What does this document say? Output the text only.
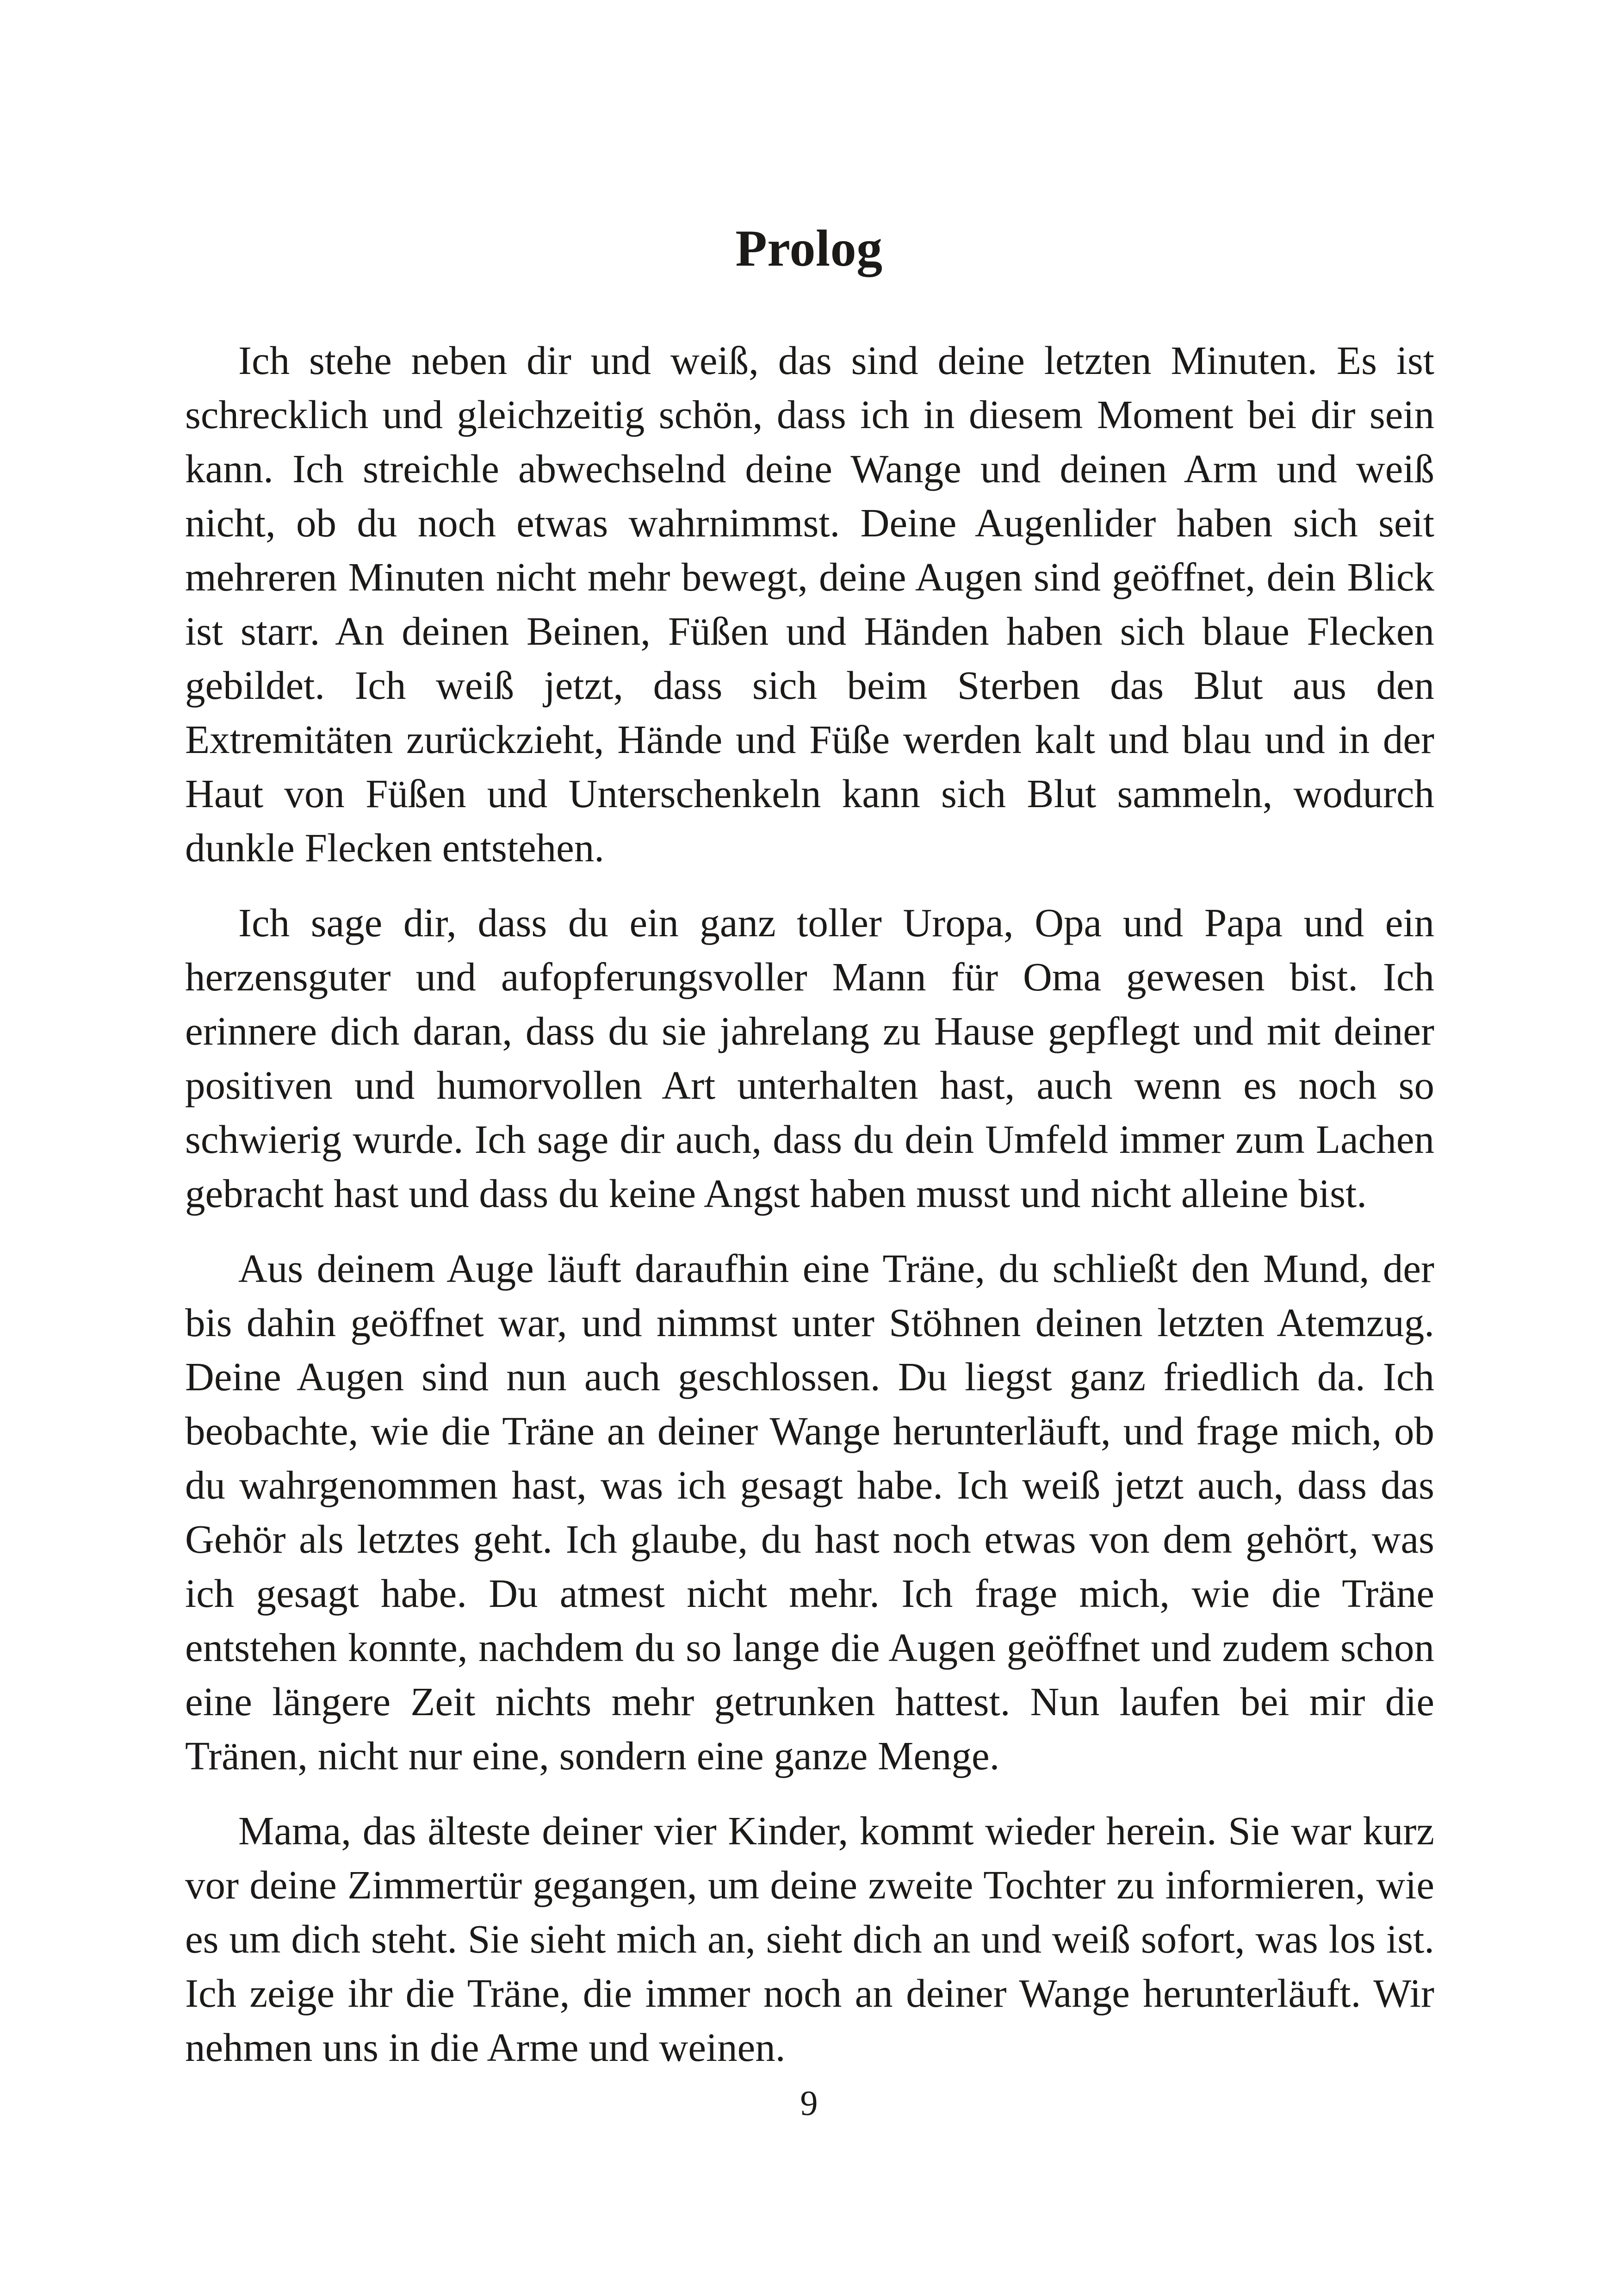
Prolog

Ich stehe neben dir und weiß, das sind deine letzten Minuten. Es ist schrecklich und gleichzeitig schön, dass ich in diesem Moment bei dir sein kann. Ich streichle abwechselnd deine Wange und deinen Arm und weiß nicht, ob du noch etwas wahrnimmst. Deine Augenlider haben sich seit mehreren Minuten nicht mehr bewegt, deine Augen sind geöffnet, dein Blick ist starr. An deinen Beinen, Füßen und Händen haben sich blaue Flecken gebildet. Ich weiß jetzt, dass sich beim Sterben das Blut aus den Extremitäten zurückzieht, Hände und Füße werden kalt und blau und in der Haut von Füßen und Unterschenkeln kann sich Blut sammeln, wodurch dunkle Flecken entstehen.

Ich sage dir, dass du ein ganz toller Uropa, Opa und Papa und ein herzensguter und aufopferungsvoller Mann für Oma gewesen bist. Ich erinnere dich daran, dass du sie jahrelang zu Hause gepflegt und mit deiner positiven und humorvollen Art unterhalten hast, auch wenn es noch so schwierig wurde. Ich sage dir auch, dass du dein Umfeld immer zum Lachen gebracht hast und dass du keine Angst haben musst und nicht alleine bist.

Aus deinem Auge läuft daraufhin eine Träne, du schließt den Mund, der bis dahin geöffnet war, und nimmst unter Stöhnen deinen letzten Atemzug. Deine Augen sind nun auch geschlossen. Du liegst ganz friedlich da. Ich beobachte, wie die Träne an deiner Wange herunterläuft, und frage mich, ob du wahrgenommen hast, was ich gesagt habe. Ich weiß jetzt auch, dass das Gehör als letztes geht. Ich glaube, du hast noch etwas von dem gehört, was ich gesagt habe. Du atmest nicht mehr. Ich frage mich, wie die Träne entstehen konnte, nachdem du so lange die Augen geöffnet und zudem schon eine längere Zeit nichts mehr getrunken hattest. Nun laufen bei mir die Tränen, nicht nur eine, sondern eine ganze Menge.

Mama, das älteste deiner vier Kinder, kommt wieder herein. Sie war kurz vor deine Zimmertür gegangen, um deine zweite Tochter zu informieren, wie es um dich steht. Sie sieht mich an, sieht dich an und weiß sofort, was los ist. Ich zeige ihr die Träne, die immer noch an deiner Wange herunterläuft. Wir nehmen uns in die Arme und weinen.

9
